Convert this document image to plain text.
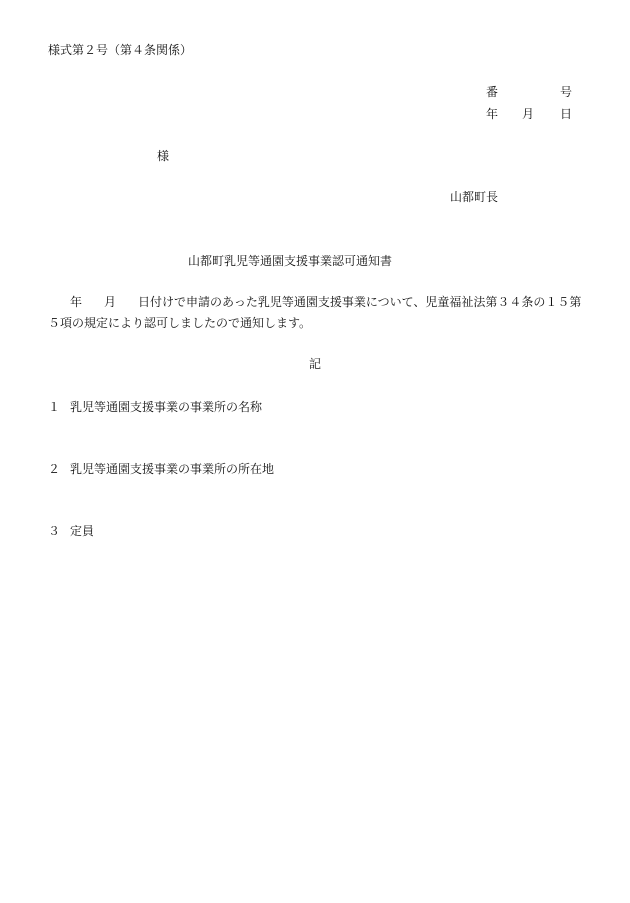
様式第２号（第４条関係）

番	号
年 月 日
様
山都町長
山都町乳児等通園支援事業認可通知書

年 月 日付けで申請のあった乳児等通園支援事業について、児童福祉法第３４条の１５第

５項の規定により認可しましたので通知します。

記

１ 乳児等通園支援事業の事業所の名称

２ 乳児等通園支援事業の事業所の所在地

３ 定員
